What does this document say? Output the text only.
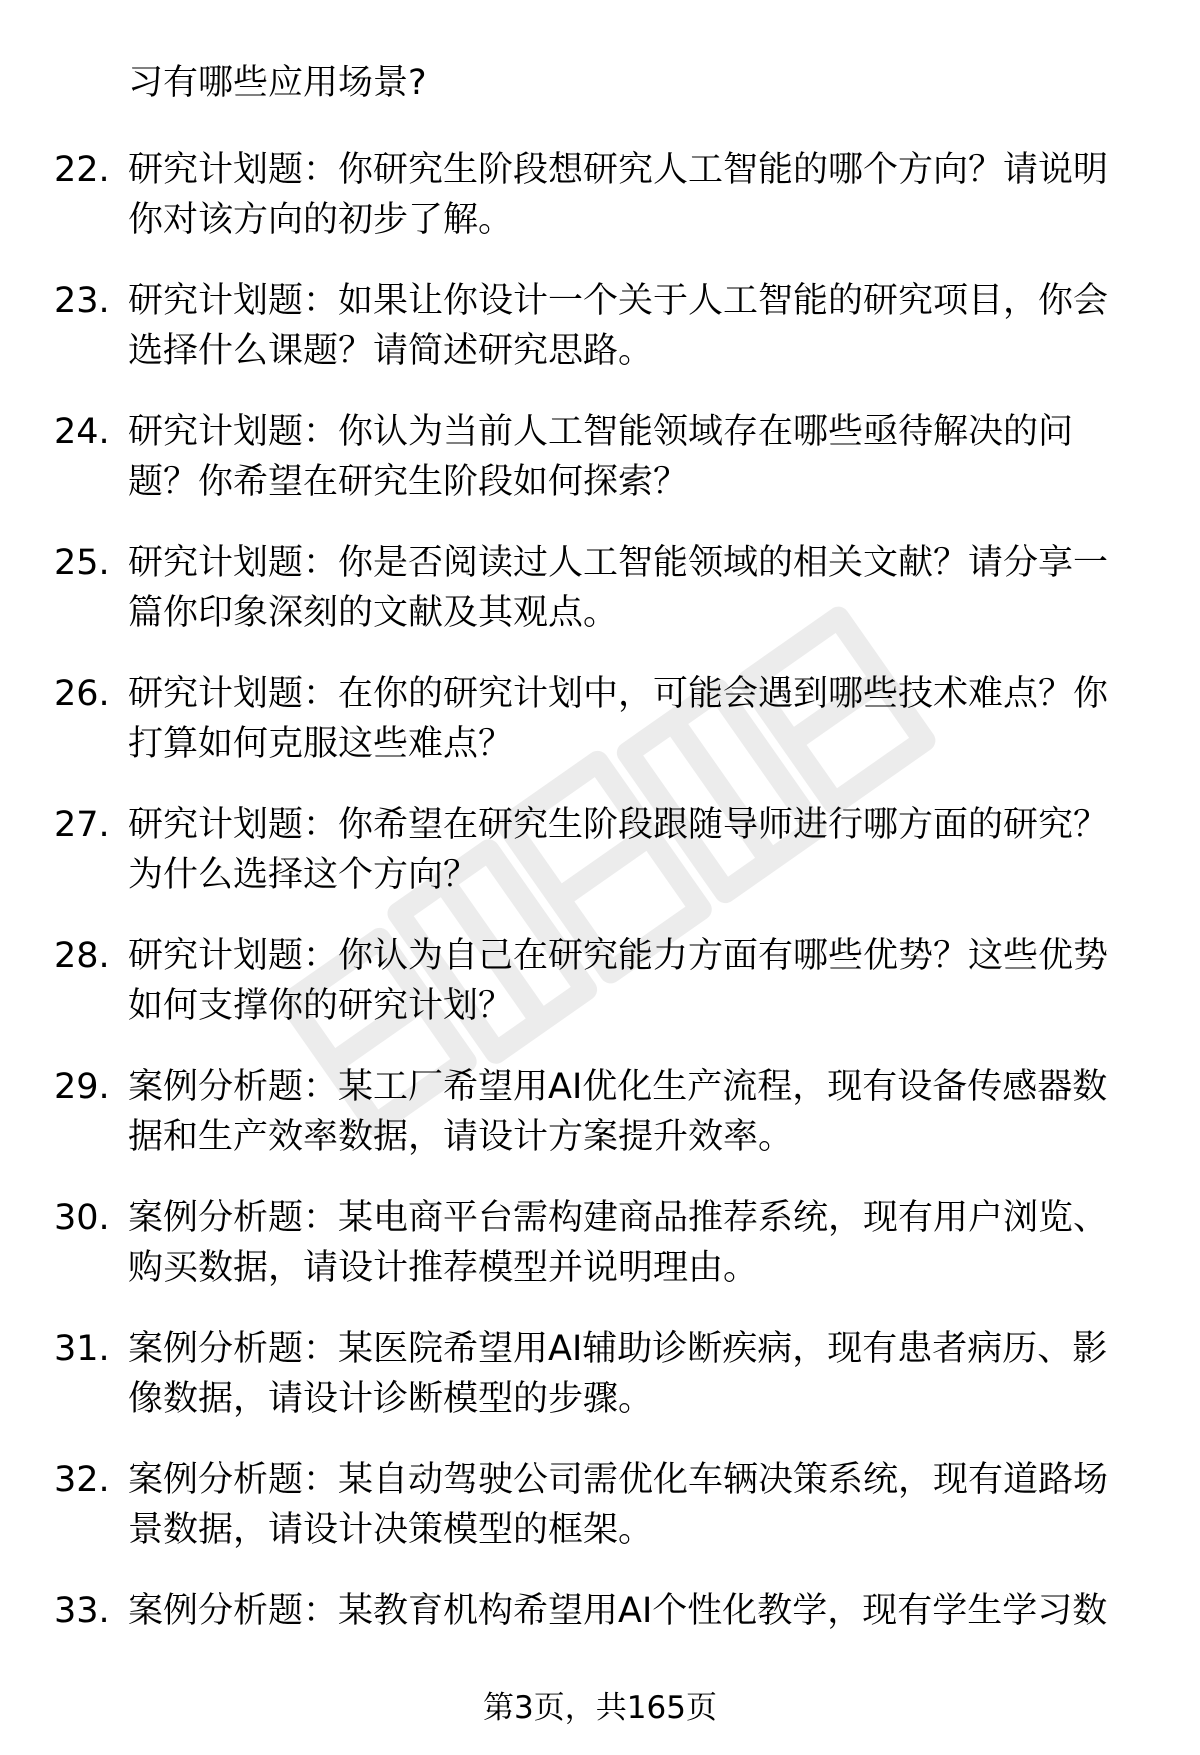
习有哪些应用场景?
22. 研究计划题：你研究生阶段想研究人工智能的哪个方向？请说明
你对该方向的初步了解。
23. 研究计划题：如果让你设计一个关于人工智能的研究项目，你会
选择什么课题？请简述研究思路。
24. 研究计划题：你认为当前人工智能领域存在哪些亟待解决的问
题？你希望在研究生阶段如何探索？
25. 研究计划题：你是否阅读过人工智能领域的相关文献？请分享一
篇你印象深刻的文献及其观点。
26. 研究计划题：在你的研究计划中，可能会遇到哪些技术难点？你
打算如何克服这些难点？
27. 研究计划题：你希望在研究生阶段跟随导师进行哪方面的研究？
为什么选择这个方向？
28. 研究计划题：你认为自己在研究能力方面有哪些优势？这些优势
如何支撑你的研究计划？
29. 案例分析题：某工厂希望用AI优化生产流程，现有设备传感器数
据和生产效率数据，请设计方案提升效率。
30. 案例分析题：某电商平台需构建商品推荐系统，现有用户浏览、
购买数据，请设计推荐模型并说明理由。
31. 案例分析题：某医院希望用AI辅助诊断疾病，现有患者病历、影
像数据，请设计诊断模型的步骤。
32. 案例分析题：某自动驾驶公司需优化车辆决策系统，现有道路场
景数据，请设计决策模型的框架。
33. 案例分析题：某教育机构希望用AI个性化教学，现有学生学习数
第3页，共165页
